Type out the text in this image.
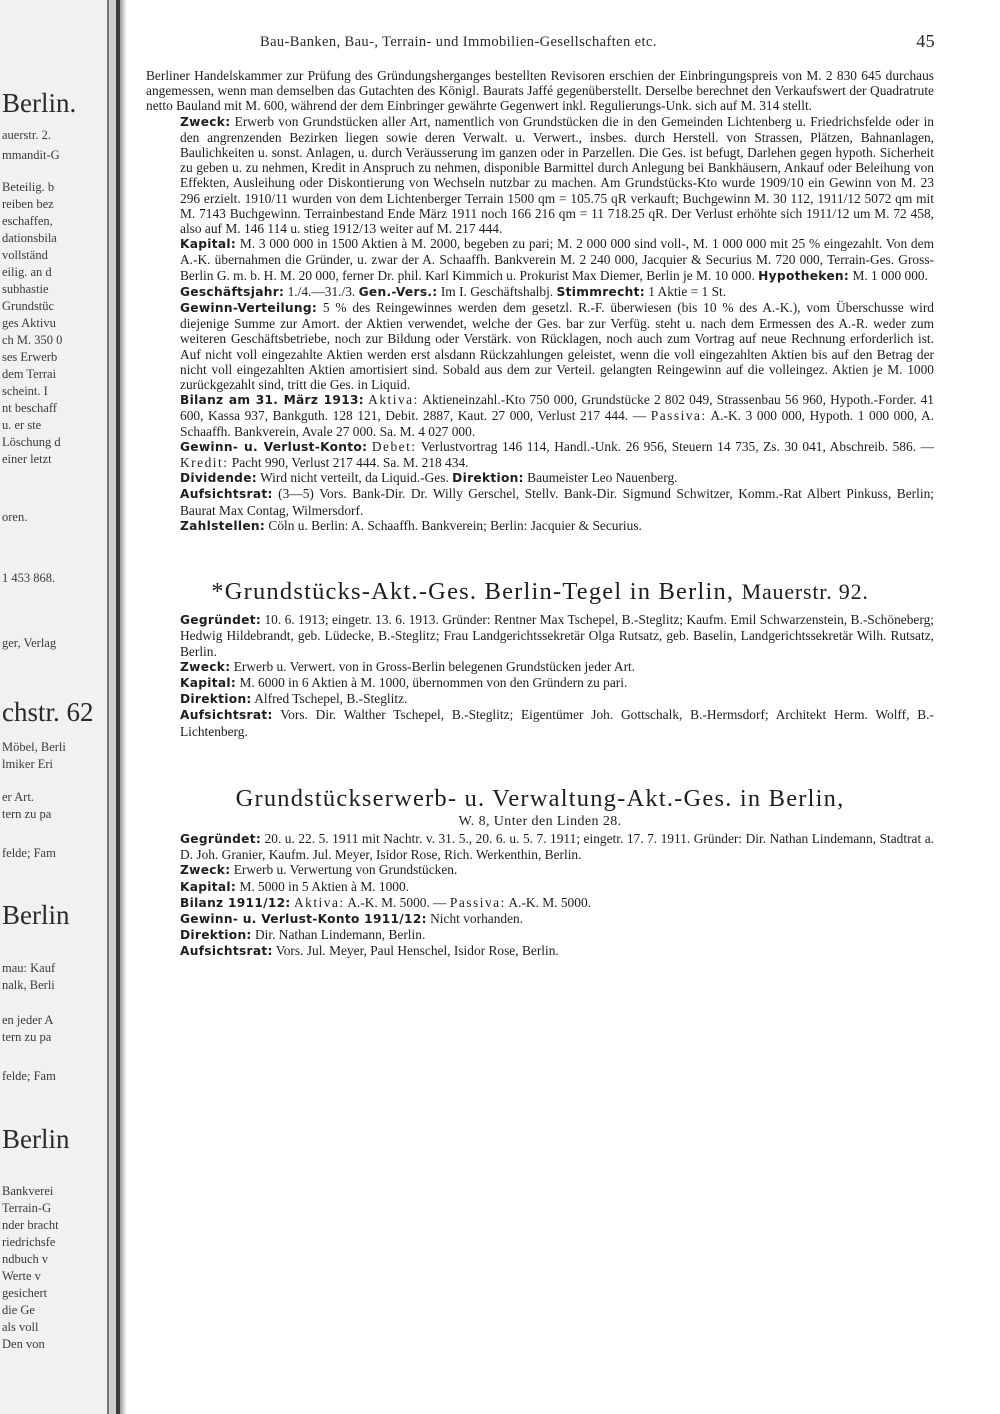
Berlin.
auerstr. 2.
mmandit-G
Beteilig. b
reiben bez
eschaffen,
dationsbila
vollständ
eilig. an d
subhastie
Grundstüc
ges Aktivu
ch M. 350 0
ses Erwerb
dem Terrai
scheint. I
nt beschaff
u. er ste
Löschung d
einer letzt
oren.
1 453 868.
ger, Verlag
chstr. 62
Möbel, Berli
lmiker Eri
er Art.
tern zu pa
felde; Fam
Berlin
mau: Kauf
nalk, Berli
en jeder A
tern zu pa
felde; Fam
Berlin
Bankverei
Terrain-G
nder bracht
riedrichsfe
ndbuch v
Werte v
gesichert
die Ge
als voll
Den von
Bau-Banken, Bau-, Terrain- und Immobilien-Gesellschaften etc.	45

Berliner Handelskammer zur Prüfung des Gründungsherganges bestellten Revisoren erschien der Einbringungspreis von M. 2 830 645 durchaus angemessen, wenn man demselben das Gutachten des Königl. Baurats Jaffé gegenüberstellt. Derselbe berechnet den Verkaufswert der Quadratrute netto Bauland mit M. 600, während der dem Einbringer gewährte Gegenwert inkl. Regulierungs-Unk. sich auf M. 314 stellt.

Zweck: Erwerb von Grundstücken aller Art, namentlich von Grundstücken die in den Gemeinden Lichtenberg u. Friedrichsfelde oder in den angrenzenden Bezirken liegen sowie deren Verwalt. u. Verwert., insbes. durch Herstell. von Strassen, Plätzen, Bahnanlagen, Baulichkeiten u. sonst. Anlagen, u. durch Veräusserung im ganzen oder in Parzellen. Die Ges. ist befugt, Darlehen gegen hypoth. Sicherheit zu geben u. zu nehmen, Kredit in Anspruch zu nehmen, disponible Barmittel durch Anlegung bei Bankhäusern, Ankauf oder Beleihung von Effekten, Ausleihung oder Diskontierung von Wechseln nutzbar zu machen. Am Grundstücks-Kto wurde 1909/10 ein Gewinn von M. 23 296 erzielt. 1910/11 wurden von dem Lichtenberger Terrain 1500 qm = 105.75 qR verkauft; Buchgewinn M. 30 112, 1911/12 5072 qm mit M. 7143 Buchgewinn. Terrainbestand Ende März 1911 noch 166 216 qm = 11 718.25 qR. Der Verlust erhöhte sich 1911/12 um M. 72 458, also auf M. 146 114 u. stieg 1912/13 weiter auf M. 217 444.

Kapital: M. 3 000 000 in 1500 Aktien à M. 2000, begeben zu pari; M. 2 000 000 sind voll-, M. 1 000 000 mit 25 % eingezahlt. Von dem A.-K. übernahmen die Gründer, u. zwar der A. Schaaffh. Bankverein M. 2 240 000, Jacquier & Securius M. 720 000, Terrain-Ges. Gross-Berlin G. m. b. H. M. 20 000, ferner Dr. phil. Karl Kimmich u. Prokurist Max Diemer, Berlin je M. 10 000. Hypotheken: M. 1 000 000.

Geschäftsjahr: 1./4.—31./3. Gen.-Vers.: Im I. Geschäftshalbj. Stimmrecht: 1 Aktie = 1 St.

Gewinn-Verteilung: 5 % des Reingewinnes werden dem gesetzl. R.-F. überwiesen (bis 10 % des A.-K.), vom Überschusse wird diejenige Summe zur Amort. der Aktien verwendet, welche der Ges. bar zur Verfüg. steht u. nach dem Ermessen des A.-R. weder zum weiteren Geschäftsbetriebe, noch zur Bildung oder Verstärk. von Rücklagen, noch auch zum Vortrag auf neue Rechnung erforderlich ist. Auf nicht voll eingezahlte Aktien werden erst alsdann Rückzahlungen geleistet, wenn die voll eingezahlten Aktien bis auf den Betrag der nicht voll eingezahlten Aktien amortisiert sind. Sobald aus dem zur Verteil. gelangten Reingewinn auf die volleingez. Aktien je M. 1000 zurückgezahlt sind, tritt die Ges. in Liquid.

Bilanz am 31. März 1913: Aktiva: Aktieneinzahl.-Kto 750 000, Grundstücke 2 802 049, Strassenbau 56 960, Hypoth.-Forder. 41 600, Kassa 937, Bankguth. 128 121, Debit. 2887, Kaut. 27 000, Verlust 217 444. — Passiva: A.-K. 3 000 000, Hypoth. 1 000 000, A. Schaaffh. Bankverein, Avale 27 000. Sa. M. 4 027 000.

Gewinn- u. Verlust-Konto: Debet: Verlustvortrag 146 114, Handl.-Unk. 26 956, Steuern 14 735, Zs. 30 041, Abschreib. 586. — Kredit: Pacht 990, Verlust 217 444. Sa. M. 218 434.

Dividende: Wird nicht verteilt, da Liquid.-Ges. Direktion: Baumeister Leo Nauenberg.

Aufsichtsrat: (3—5) Vors. Bank-Dir. Dr. Willy Gerschel, Stellv. Bank-Dir. Sigmund Schwitzer, Komm.-Rat Albert Pinkuss, Berlin; Baurat Max Contag, Wilmersdorf.

Zahlstellen: Cöln u. Berlin: A. Schaaffh. Bankverein; Berlin: Jacquier & Securius.

*Grundstücks-Akt.-Ges. Berlin-Tegel in Berlin, Mauerstr. 92.

Gegründet: 10. 6. 1913; eingetr. 13. 6. 1913. Gründer: Rentner Max Tschepel, B.-Steglitz; Kaufm. Emil Schwarzenstein, B.-Schöneberg; Hedwig Hildebrandt, geb. Lüdecke, B.-Steglitz; Frau Landgerichtssekretär Olga Rutsatz, geb. Baselin, Landgerichtssekretär Wilh. Rutsatz, Berlin.

Zweck: Erwerb u. Verwert. von in Gross-Berlin belegenen Grundstücken jeder Art.

Kapital: M. 6000 in 6 Aktien à M. 1000, übernommen von den Gründern zu pari.

Direktion: Alfred Tschepel, B.-Steglitz.

Aufsichtsrat: Vors. Dir. Walther Tschepel, B.-Steglitz; Eigentümer Joh. Gottschalk, B.-Hermsdorf; Architekt Herm. Wolff, B.-Lichtenberg.

Grundstückserwerb- u. Verwaltung-Akt.-Ges. in Berlin,
W. 8, Unter den Linden 28.

Gegründet: 20. u. 22. 5. 1911 mit Nachtr. v. 31. 5., 20. 6. u. 5. 7. 1911; eingetr. 17. 7. 1911. Gründer: Dir. Nathan Lindemann, Stadtrat a. D. Joh. Granier, Kaufm. Jul. Meyer, Isidor Rose, Rich. Werkenthin, Berlin.

Zweck: Erwerb u. Verwertung von Grundstücken.

Kapital: M. 5000 in 5 Aktien à M. 1000.

Bilanz 1911/12: Aktiva: A.-K. M. 5000. — Passiva: A.-K. M. 5000.

Gewinn- u. Verlust-Konto 1911/12: Nicht vorhanden.

Direktion: Dir. Nathan Lindemann, Berlin.

Aufsichtsrat: Vors. Jul. Meyer, Paul Henschel, Isidor Rose, Berlin.
